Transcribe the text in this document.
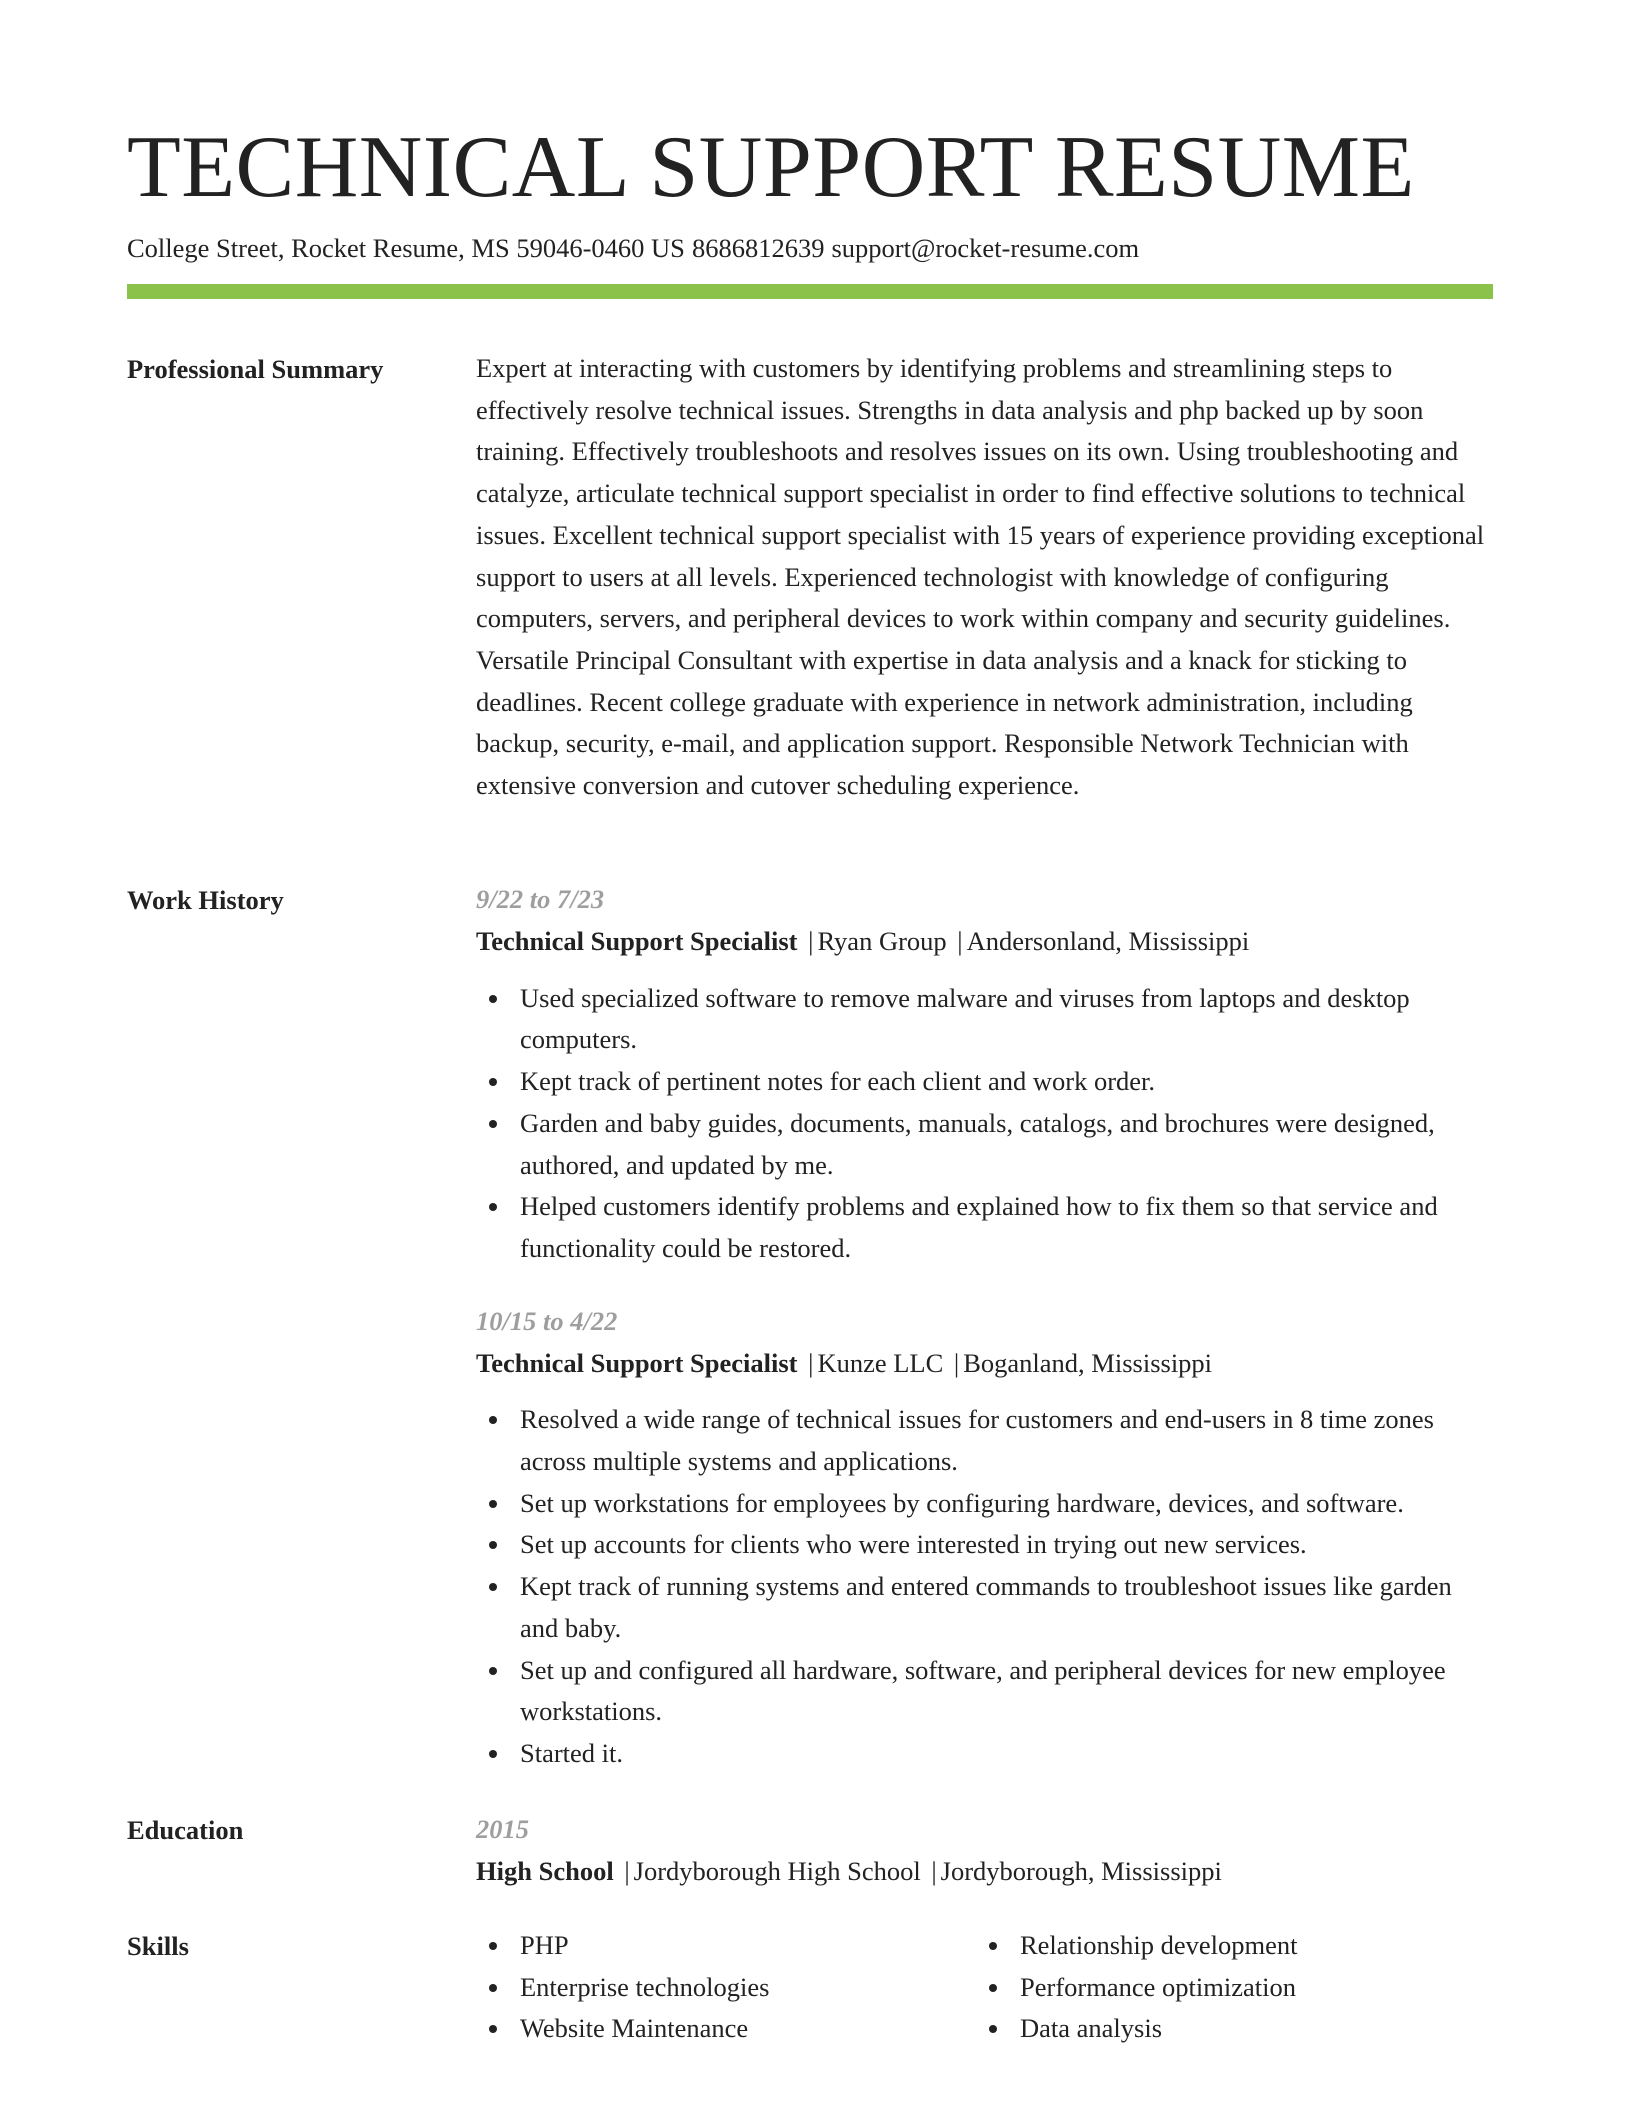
TECHNICAL SUPPORT RESUME
College Street, Rocket Resume, MS 59046-0460 US 8686812639 support@rocket-resume.com
Professional Summary	Expert at interacting with customers by identifying problems and streamlining steps to effectively resolve technical issues. Strengths in data analysis and php backed up by soon training. Effectively troubleshoots and resolves issues on its own. Using troubleshooting and catalyze, articulate technical support specialist in order to find effective solutions to technical issues. Excellent technical support specialist with 15 years of experience providing exceptional support to users at all levels. Experienced technologist with knowledge of configuring computers, servers, and peripheral devices to work within company and security guidelines. Versatile Principal Consultant with expertise in data analysis and a knack for sticking to deadlines. Recent college graduate with experience in network administration, including backup, security, e-mail, and application support. Responsible Network Technician with extensive conversion and cutover scheduling experience.

Work History	9/22 to 7/23
Technical Support Specialist | Ryan Group | Andersonland, Mississippi
Used specialized software to remove malware and viruses from laptops and desktop computers.
Kept track of pertinent notes for each client and work order.
Garden and baby guides, documents, manuals, catalogs, and brochures were designed, authored, and updated by me.
Helped customers identify problems and explained how to fix them so that service and functionality could be restored.
10/15 to 4/22
Technical Support Specialist | Kunze LLC | Boganland, Mississippi
Resolved a wide range of technical issues for customers and end-users in 8 time zones across multiple systems and applications.
Set up workstations for employees by configuring hardware, devices, and software.
Set up accounts for clients who were interested in trying out new services.
Kept track of running systems and entered commands to troubleshoot issues like garden and baby.
Set up and configured all hardware, software, and peripheral devices for new employee workstations.
Started it.
Education	2015
High School | Jordyborough High School | Jordyborough, Mississippi
Skills	PHP
Enterprise technologies
Website Maintenance
Relationship development
Performance optimization
Data analysis
